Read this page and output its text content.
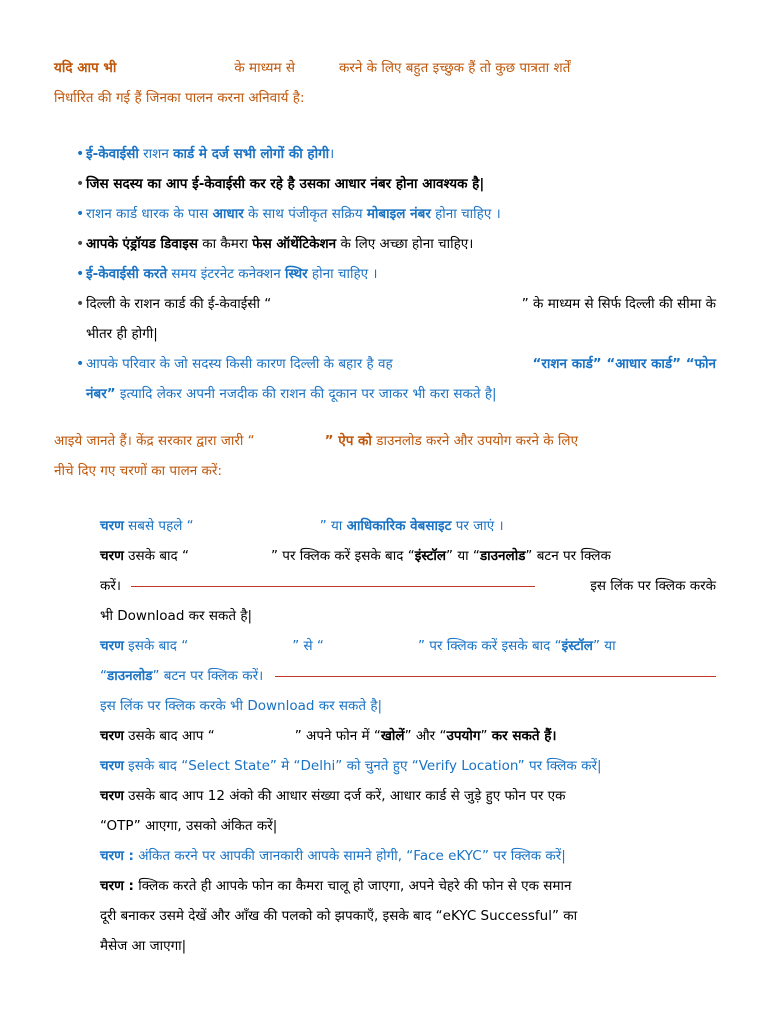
यदि आप भी	के माध्यम से	करने के लिए बहुत इच्छुक हैं तो कुछ पात्रता शर्तें
निर्धारित की गई हैं जिनका पालन करना अनिवार्य है:
• ई-केवाईसी राशन कार्ड मे दर्ज सभी लोगों की होगी।
• जिस सदस्य का आप ई-केवाईसी कर रहे है उसका आधार नंबर होना आवश्यक है|
• राशन कार्ड धारक के पास आधार के साथ पंजीकृत सक्रिय मोबाइल नंबर होना चाहिए ।
• आपके एंड्रॉयड डिवाइस का कैमरा फेस ऑथेंटिकेशन के लिए अच्छा होना चाहिए।
• ई-केवाईसी करते समय इंटरनेट कनेक्शन स्थिर होना चाहिए ।
• दिल्ली के राशन कार्ड की ई-केवाईसी “	” के माध्यम से सिर्फ दिल्ली की सीमा के
भीतर ही होगी|
• आपके परिवार के जो सदस्य किसी कारण दिल्ली के बहार है वह	“राशन कार्ड” “आधार कार्ड” “फोन
नंबर” इत्यादि लेकर अपनी नजदीक की राशन की दूकान पर जाकर भी करा सकते है|
आइये जानते हैं। केंद्र सरकार द्वारा जारी “	” ऐप को डाउनलोड करने और उपयोग करने के लिए
नीचे दिए गए चरणों का पालन करें:
चरण सबसे पहले “	” या आधिकारिक वेबसाइट पर जाएं ।
चरण उसके बाद “	” पर क्लिक करें इसके बाद “इंस्टॉल” या “डाउनलोड” बटन पर क्लिक
करें।	इस लिंक पर क्लिक करके
भी Download कर सकते है|
चरण इसके बाद “	” से “	” पर क्लिक करें इसके बाद “इंस्टॉल” या
“ डाउनलोड ” बटन पर क्लिक करें।
इस लिंक पर क्लिक करके भी Download कर सकते है|
चरण उसके बाद आप “	” अपने फोन में “खोलें” और “उपयोग” कर सकते हैं।
चरण इसके बाद “Select State” मे “Delhi” को चुनते हुए “Verify Location” पर क्लिक करें|
चरण उसके बाद आप 12 अंको की आधार संख्या दर्ज करें, आधार कार्ड से जुड़े हुए फोन पर एक
“OTP” आएगा, उसको अंकित करें|
चरण : अंकित करने पर आपकी जानकारी आपके सामने होगी, “Face eKYC” पर क्लिक करें|
चरण : क्लिक करते ही आपके फोन का कैमरा चालू हो जाएगा, अपने चेहरे की फोन से एक समान
दूरी बनाकर उसमे देखें और आँख की पलको को झपकाएँ, इसके बाद “eKYC Successful” का
मैसेज आ जाएगा|
